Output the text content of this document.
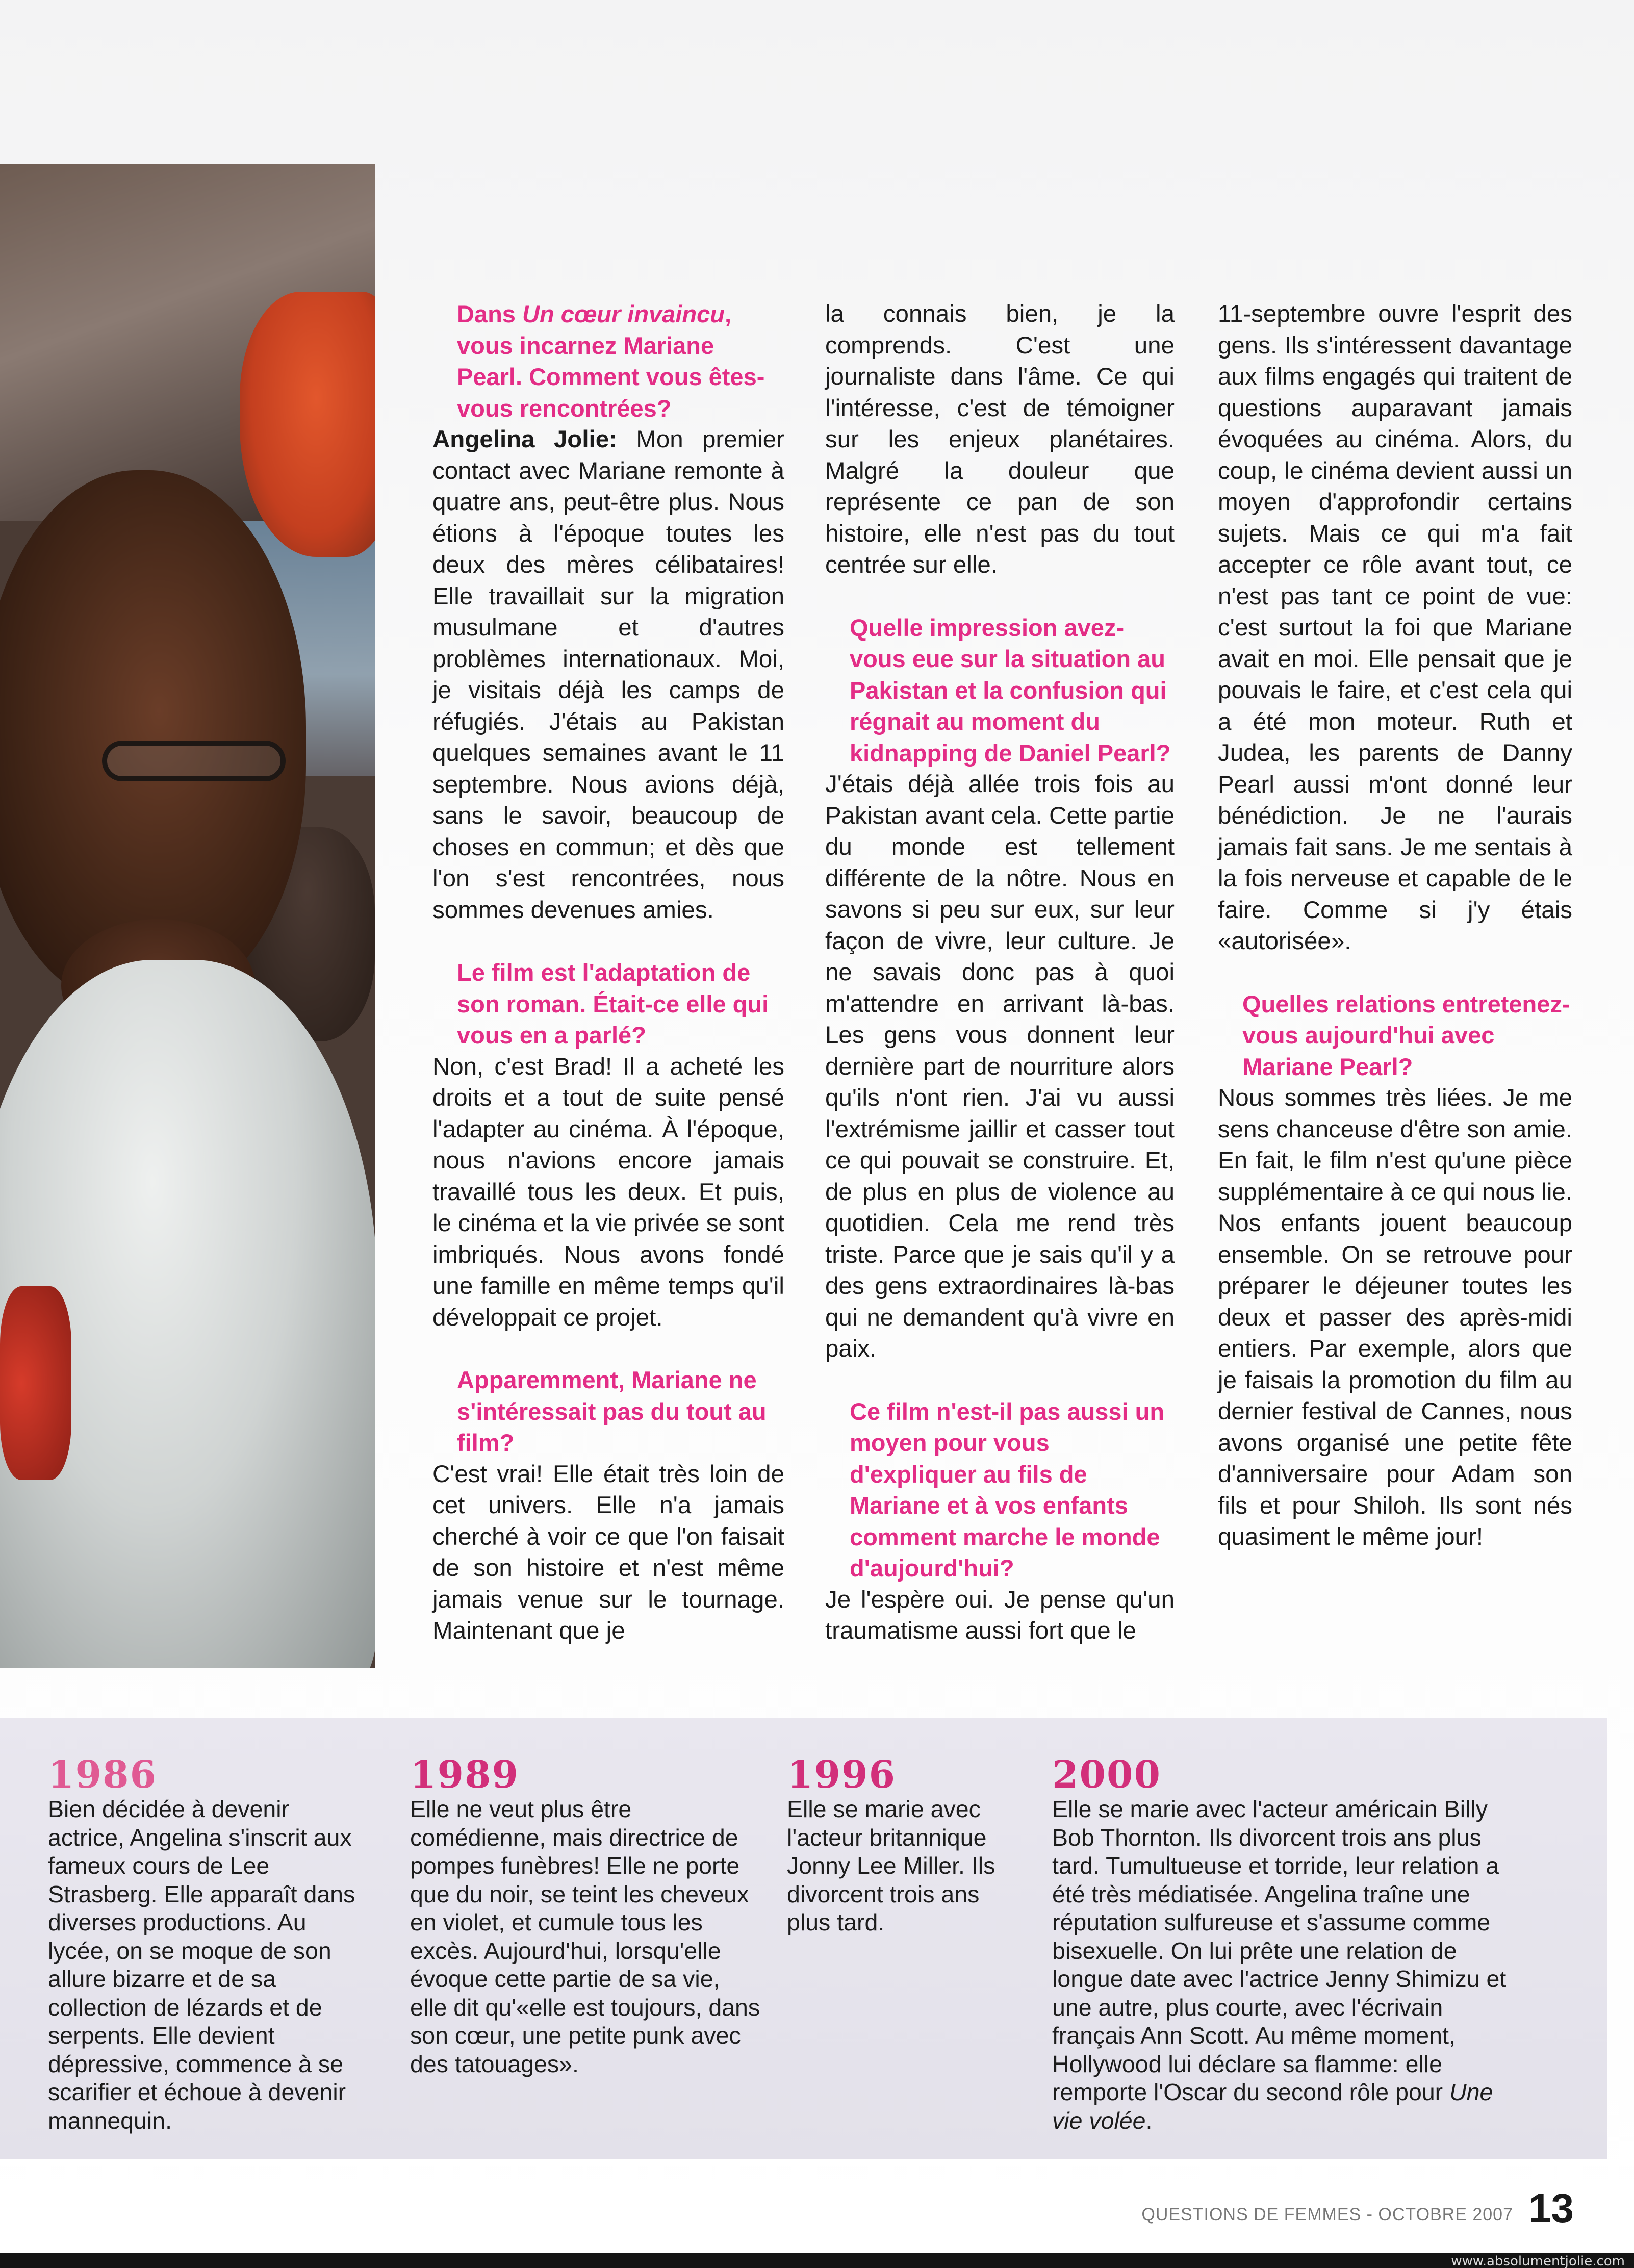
Dans Un cœur invaincu, vous incarnez Mariane Pearl. Comment vous êtes-vous rencontrées?
Angelina Jolie: Mon premier contact avec Mariane remonte à quatre ans, peut-être plus. Nous étions à l'époque toutes les deux des mères célibataires! Elle travaillait sur la migration musulmane et d'autres problèmes internationaux. Moi, je visitais déjà les camps de réfugiés. J'étais au Pakistan quelques semaines avant le 11 septembre. Nous avions déjà, sans le savoir, beaucoup de choses en commun; et dès que l'on s'est rencontrées, nous sommes devenues amies.
Le film est l'adaptation de son roman. Était-ce elle qui vous en a parlé?
Non, c'est Brad! Il a acheté les droits et a tout de suite pensé l'adapter au cinéma. À l'époque, nous n'avions encore jamais travaillé tous les deux. Et puis, le cinéma et la vie privée se sont imbriqués. Nous avons fondé une famille en même temps qu'il développait ce projet.
Apparemment, Mariane ne s'intéressait pas du tout au film?
C'est vrai! Elle était très loin de cet univers. Elle n'a jamais cherché à voir ce que l'on faisait de son histoire et n'est même jamais venue sur le tournage. Maintenant que je
la connais bien, je la comprends. C'est une journaliste dans l'âme. Ce qui l'intéresse, c'est de témoigner sur les enjeux planétaires. Malgré la douleur que représente ce pan de son histoire, elle n'est pas du tout centrée sur elle.
Quelle impression avez-vous eue sur la situation au Pakistan et la confusion qui régnait au moment du kidnapping de Daniel Pearl?
J'étais déjà allée trois fois au Pakistan avant cela. Cette partie du monde est tellement différente de la nôtre. Nous en savons si peu sur eux, sur leur façon de vivre, leur culture. Je ne savais donc pas à quoi m'attendre en arrivant là-bas. Les gens vous donnent leur dernière part de nourriture alors qu'ils n'ont rien. J'ai vu aussi l'extrémisme jaillir et casser tout ce qui pouvait se construire. Et, de plus en plus de violence au quotidien. Cela me rend très triste. Parce que je sais qu'il y a des gens extraordinaires là-bas qui ne demandent qu'à vivre en paix.
Ce film n'est-il pas aussi un moyen pour vous d'expliquer au fils de Mariane et à vos enfants comment marche le monde d'aujourd'hui?
Je l'espère oui. Je pense qu'un traumatisme aussi fort que le
11-septembre ouvre l'esprit des gens. Ils s'intéressent davantage aux films engagés qui traitent de questions auparavant jamais évoquées au cinéma. Alors, du coup, le cinéma devient aussi un moyen d'approfondir certains sujets. Mais ce qui m'a fait accepter ce rôle avant tout, ce n'est pas tant ce point de vue: c'est surtout la foi que Mariane avait en moi. Elle pensait que je pouvais le faire, et c'est cela qui a été mon moteur. Ruth et Judea, les parents de Danny Pearl aussi m'ont donné leur bénédiction. Je ne l'aurais jamais fait sans. Je me sentais à la fois nerveuse et capable de le faire. Comme si j'y étais «autorisée».
Quelles relations entretenez-vous aujourd'hui avec Mariane Pearl?
Nous sommes très liées. Je me sens chanceuse d'être son amie. En fait, le film n'est qu'une pièce supplémentaire à ce qui nous lie. Nos enfants jouent beaucoup ensemble. On se retrouve pour préparer le déjeuner toutes les deux et passer des après-midi entiers. Par exemple, alors que je faisais la promotion du film au dernier festival de Cannes, nous avons organisé une petite fête d'anniversaire pour Adam son fils et pour Shiloh. Ils sont nés quasiment le même jour!
1986
Bien décidée à devenir actrice, Angelina s'inscrit aux fameux cours de Lee Strasberg. Elle apparaît dans diverses productions. Au lycée, on se moque de son allure bizarre et de sa collection de lézards et de serpents. Elle devient dépressive, commence à se scarifier et échoue à devenir mannequin.
1989
Elle ne veut plus être comédienne, mais directrice de pompes funèbres! Elle ne porte que du noir, se teint les cheveux en violet, et cumule tous les excès. Aujourd'hui, lorsqu'elle évoque cette partie de sa vie, elle dit qu'«elle est toujours, dans son cœur, une petite punk avec des tatouages».
1996
Elle se marie avec l'acteur britannique Jonny Lee Miller. Ils divorcent trois ans plus tard.
2000
Elle se marie avec l'acteur américain Billy Bob Thornton. Ils divorcent trois ans plus tard. Tumultueuse et torride, leur relation a été très médiatisée. Angelina traîne une réputation sulfureuse et s'assume comme bisexuelle. On lui prête une relation de longue date avec l'actrice Jenny Shimizu et une autre, plus courte, avec l'écrivain français Ann Scott. Au même moment, Hollywood lui déclare sa flamme: elle remporte l'Oscar du second rôle pour Une vie volée.
QUESTIONS DE FEMMES - OCTOBRE 2007 13
www.absolumentjolie.com
